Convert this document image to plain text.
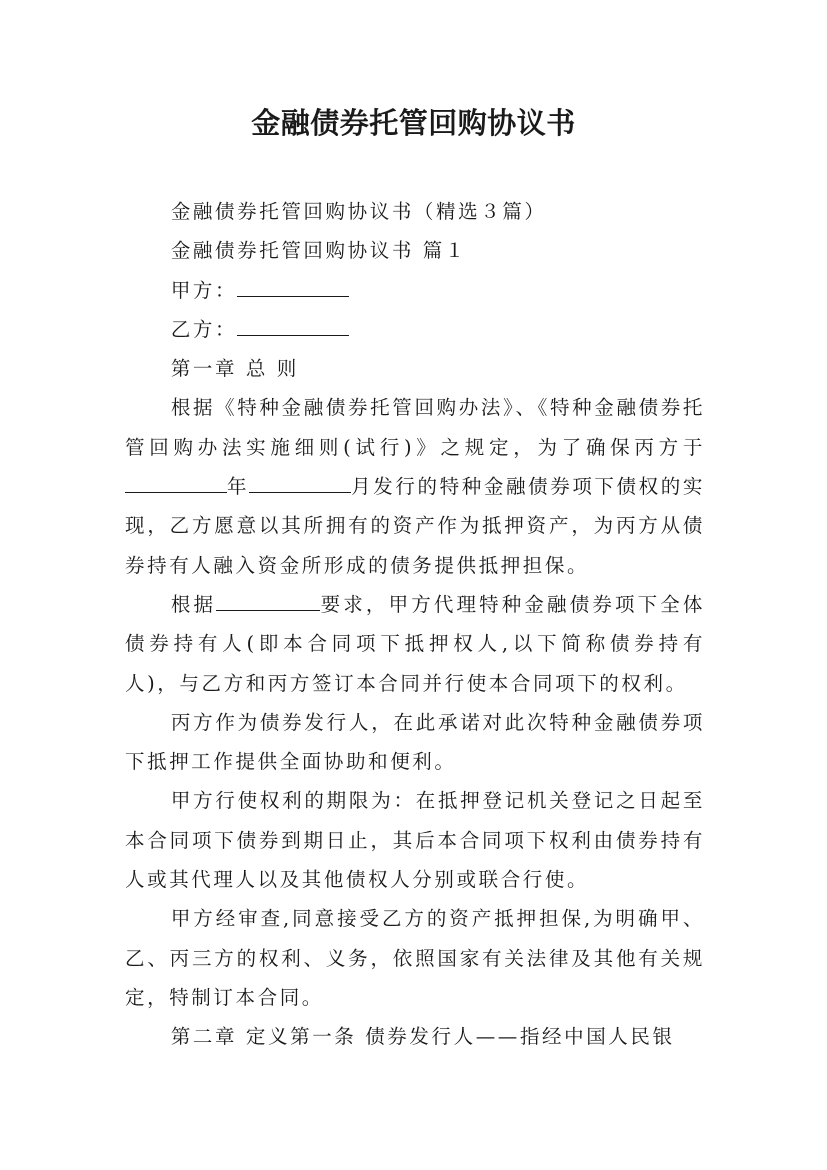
金融债券托管回购协议书

金融债券托管回购协议书（精选３篇）

金融债券托管回购协议书 篇１

甲方：

乙方：

第一章 总 则

根据《特种金融债券托管回购办法》、《特种金融债券托管回购办法实施细则(试行)》之规定，为了确保丙方于年	月发行的特种金融债券项下债权的实现，乙方愿意以其所拥有的资产作为抵押资产，为丙方从债券持有人融入资金所形成的债务提供抵押担保。

根据	要求，甲方代理特种金融债券项下全体债券持有人(即本合同项下抵押权人,以下简称债券持有人)，与乙方和丙方签订本合同并行使本合同项下的权利。

丙方作为债券发行人，在此承诺对此次特种金融债券项下抵押工作提供全面协助和便利。

甲方行使权利的期限为：在抵押登记机关登记之日起至本合同项下债券到期日止，其后本合同项下权利由债券持有人或其代理人以及其他债权人分别或联合行使。

甲方经审查,同意接受乙方的资产抵押担保,为明确甲、乙、丙三方的权利、义务，依照国家有关法律及其他有关规定，特制订本合同。

第二章 定义第一条 债券发行人——指经中国人民银
